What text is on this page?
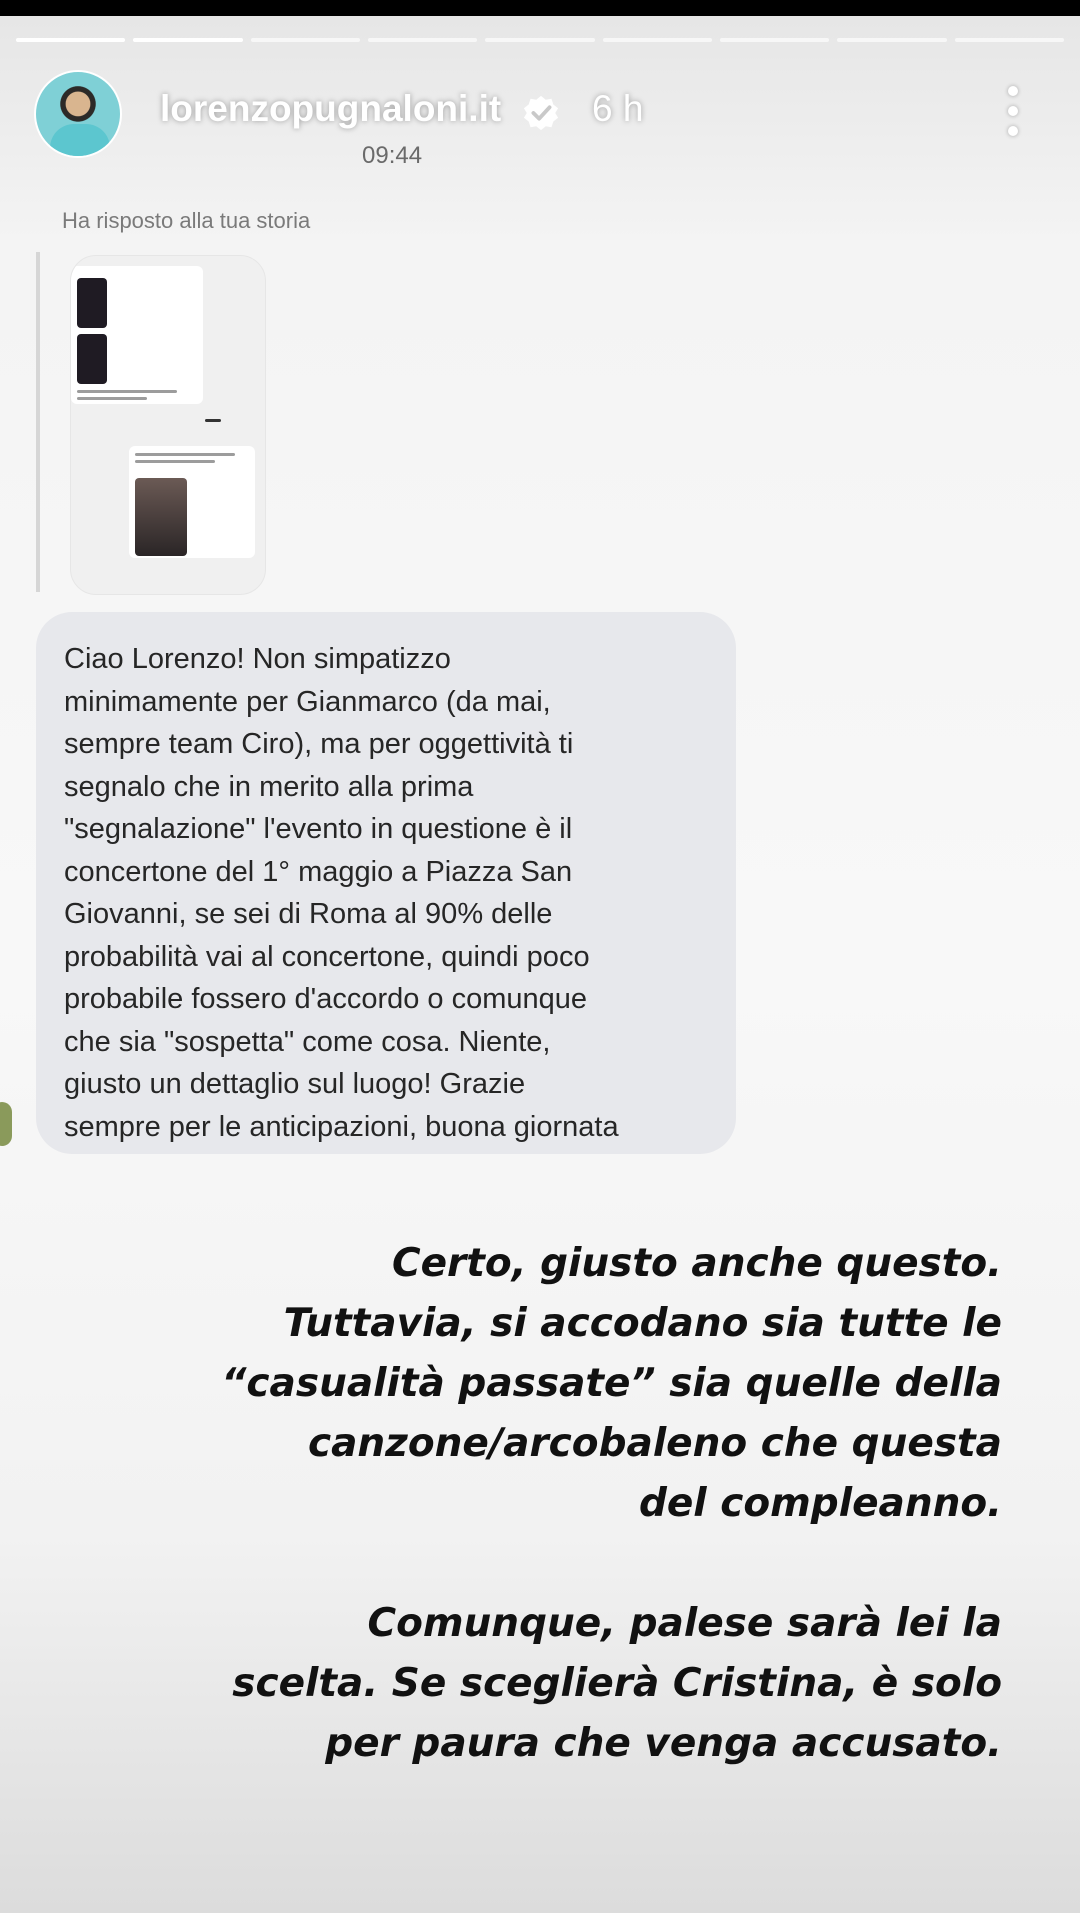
lorenzopugnaloni.it 6 h
09:44
Ha risposto alla tua storia

Ciao Lorenzo! Non simpatizzo
minimamente per Gianmarco (da mai,
sempre team Ciro), ma per oggettività ti
segnalo che in merito alla prima
"segnalazione" l'evento in questione è il
concertone del 1° maggio a Piazza San
Giovanni, se sei di Roma al 90% delle
probabilità vai al concertone, quindi poco
probabile fossero d'accordo o comunque
che sia "sospetta" come cosa. Niente,
giusto un dettaglio sul luogo! Grazie
sempre per le anticipazioni, buona giornata

Certo, giusto anche questo.
Tuttavia, si accodano sia tutte le
“casualità passate” sia quelle della
canzone/arcobaleno che questa
del compleanno.

Comunque, palese sarà lei la
scelta. Se sceglierà Cristina, è solo
per paura che venga accusato.
